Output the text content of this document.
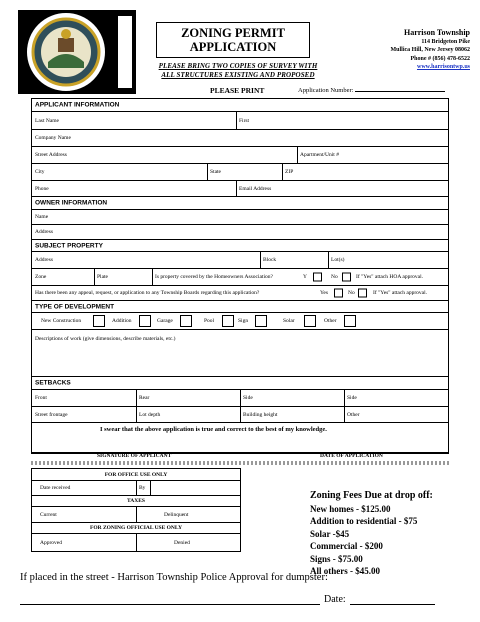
ZONING PERMIT
APPLICATION
PLEASE BRING TWO COPIES OF SURVEY WITH
ALL STRUCTURES EXISTING AND PROPOSED
Harrison Township
114 Bridgeton Pike
Mullica Hill, New Jersey 08062
Phone # (856) 478-6522
www.harrisontwp.us
PLEASE PRINT	Application Number:
APPLICANT INFORMATION
Last Name	First
Company Name
Street Address	Apartment/Unit #
City	State	ZIP
Phone	Email Address
OWNER INFORMATION
Name
Address
SUBJECT PROPERTY
Address	Block	Lot(s)
Zone	Plate	Is property covered by the Homeowners Association?	Y	No	If "Yes" attach HOA approval.
Has there been any appeal, request, or application to any Township Boards regarding this application?	Yes	No	If "Yes" attach approval.
TYPE OF DEVELOPMENT
New Construction	Addition	Garage	Pool	Sign	Solar	Other
Descriptions of work (give dimensions, describe materials, etc.)
SETBACKS
Front	Rear	Side	Side
Street frontage	Lot depth	Building height	Other
I swear that the above application is true and correct to the best of my knowledge.
SIGNATURE OF APPLICANT	DATE OF APPLICATION
FOR OFFICE USE ONLY
Date received	By
TAXES
Current	Delinquent
FOR ZONING OFFICIAL USE ONLY
Approved	Denied
Zoning Fees Due at drop off:
New homes - $125.00
Addition to residential - $75
Solar -$45
Commercial - $200
Signs - $75.00
All others - $45.00
If placed in the street - Harrison Township Police Approval for dumpster:
Date:
